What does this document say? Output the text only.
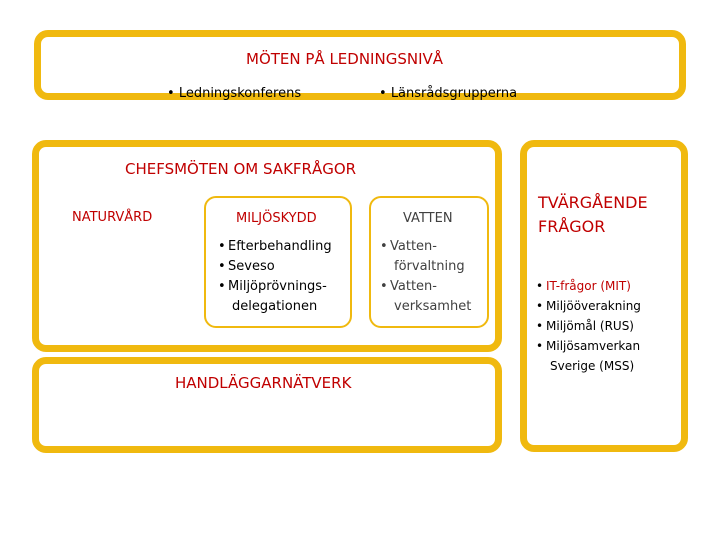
MÖTEN PÅ LEDNINGSNIVÅ
• Ledningskonferens	• Länsrådsgrupperna
CHEFSMÖTEN OM SAKFRÅGOR
NATURVÅRD	MILJÖSKYDD
• Efterbehandling
• Seveso
• Miljöprövnings-
delegationen
VATTEN
• Vatten-
förvaltning
• Vatten-
verksamhet
HANDLÄGGARNÄTVERK
TVÄRGÅENDE
FRÅGOR
• IT-frågor (MIT)
• Miljööverakning
• Miljömål (RUS)
• Miljösamverkan
Sverige (MSS)
